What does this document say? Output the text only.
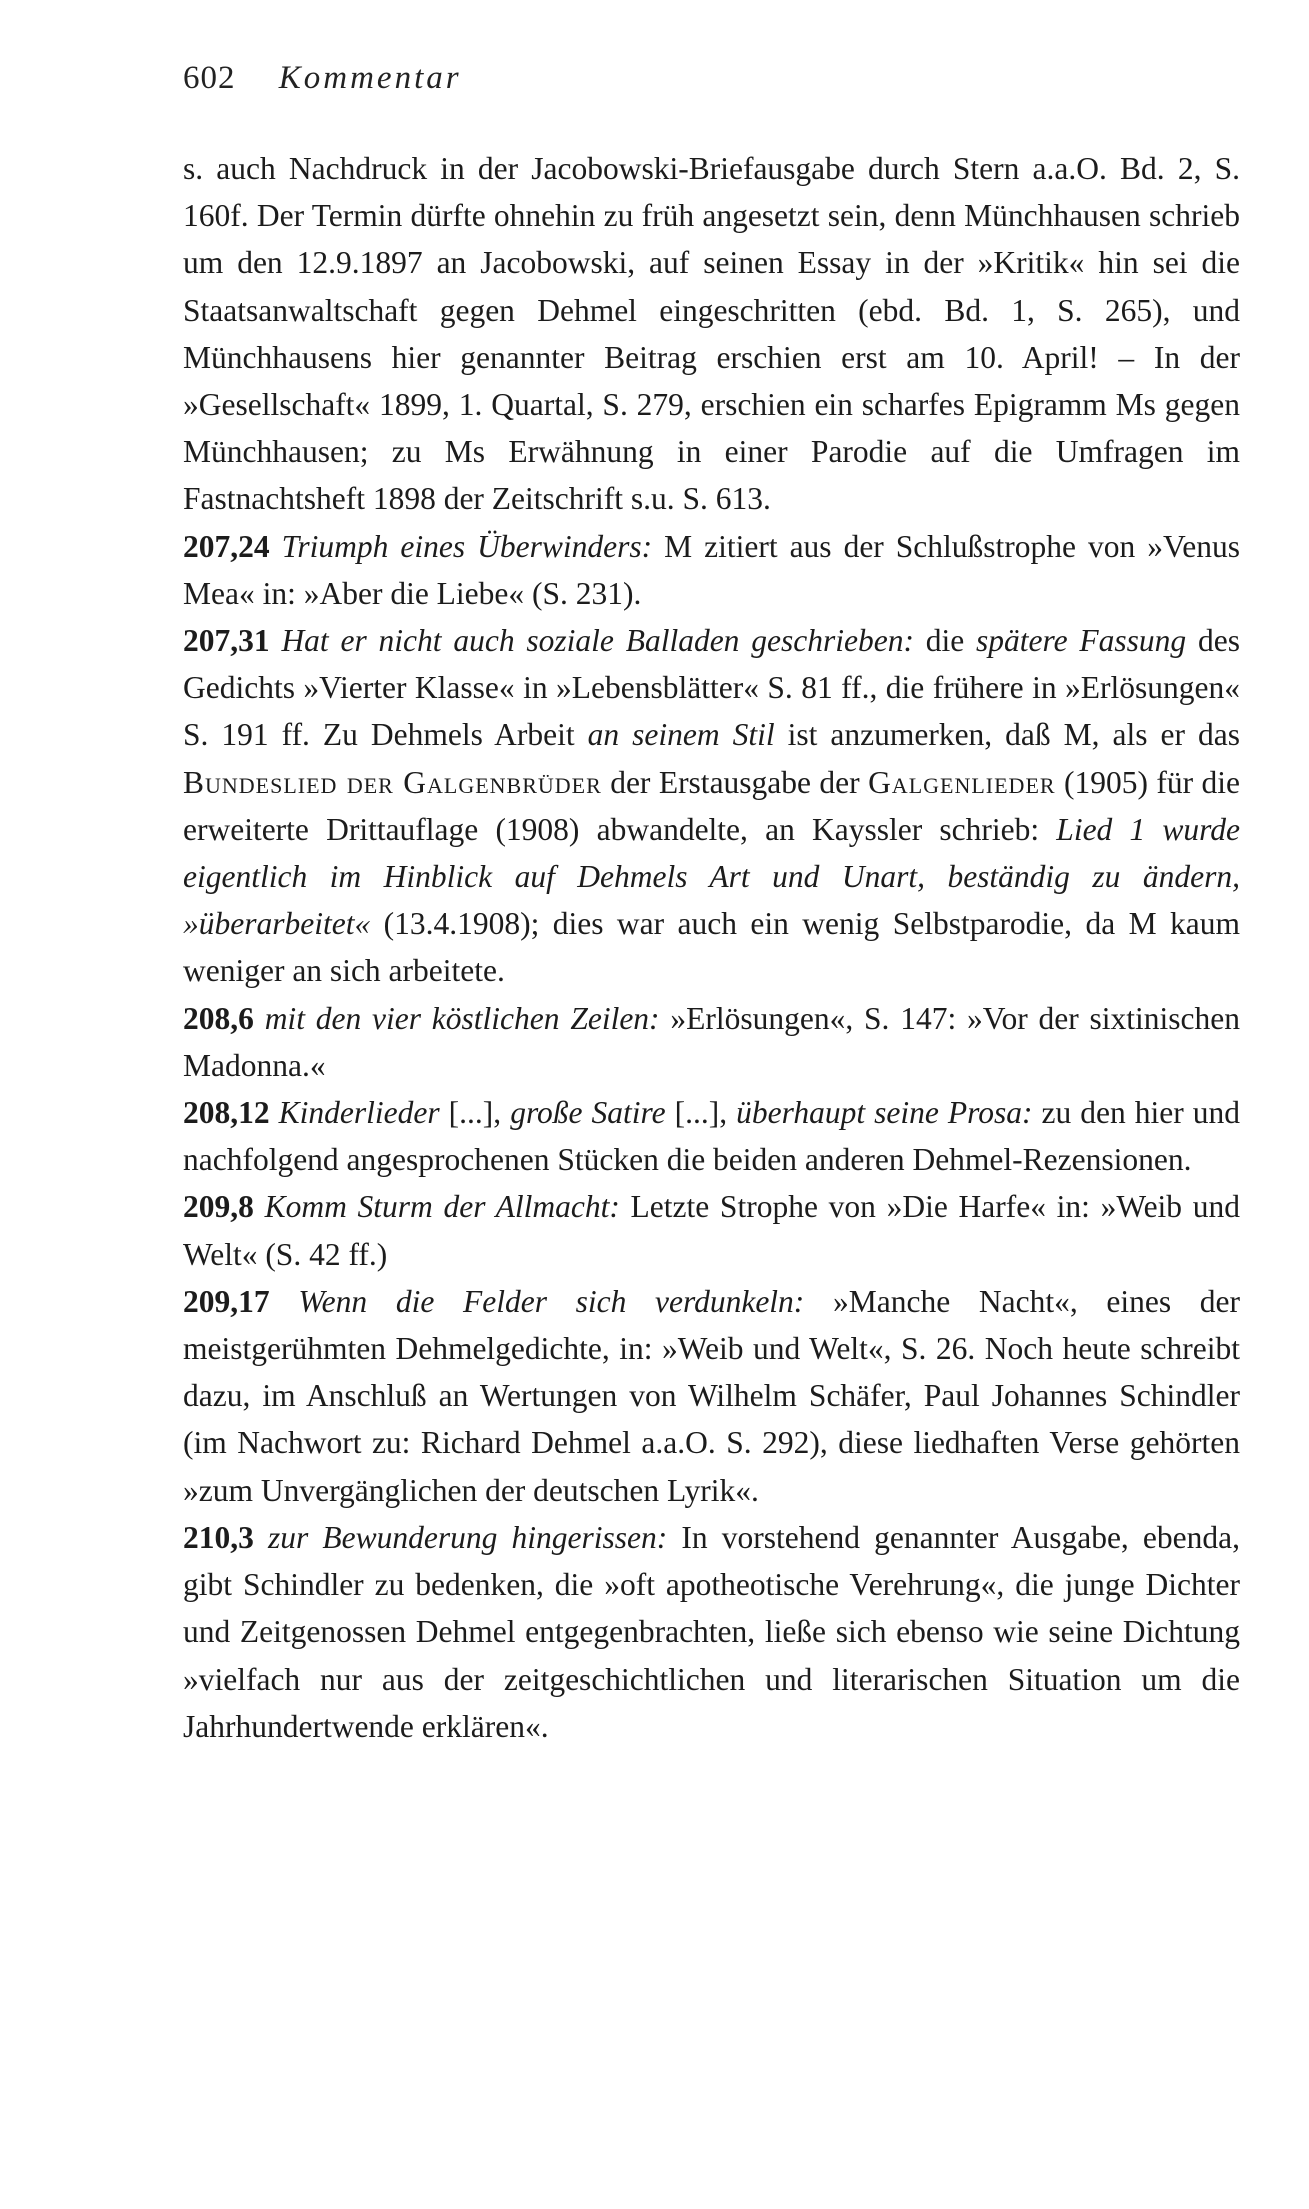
602 Kommentar

s. auch Nachdruck in der Jacobowski-Briefausgabe durch Stern a.a.O. Bd. 2, S. 160f. Der Termin dürfte ohnehin zu früh angesetzt sein, denn Münchhausen schrieb um den 12.9.1897 an Jacobowski, auf seinen Essay in der »Kritik« hin sei die Staatsanwaltschaft gegen Dehmel eingeschritten (ebd. Bd. 1, S. 265), und Münchhausens hier genannter Beitrag erschien erst am 10. April! – In der »Gesellschaft« 1899, 1. Quartal, S. 279, erschien ein scharfes Epigramm Ms gegen Münchhausen; zu Ms Erwähnung in einer Parodie auf die Umfragen im Fastnachtsheft 1898 der Zeitschrift s.u. S. 613.

207,24 Triumph eines Überwinders: M zitiert aus der Schlußstrophe von »Venus Mea« in: »Aber die Liebe« (S. 231).

207,31 Hat er nicht auch soziale Balladen geschrieben: die spätere Fassung des Gedichts »Vierter Klasse« in »Lebensblätter« S. 81 ff., die frühere in »Erlösungen« S. 191 ff. Zu Dehmels Arbeit an seinem Stil ist anzumerken, daß M, als er das Bundeslied der Galgenbrüder der Erstausgabe der Galgenlieder (1905) für die erweiterte Drittauflage (1908) abwandelte, an Kayssler schrieb: Lied 1 wurde eigentlich im Hinblick auf Dehmels Art und Unart, beständig zu ändern, »überarbeitet« (13.4.1908); dies war auch ein wenig Selbstparodie, da M kaum weniger an sich arbeitete.

208,6 mit den vier köstlichen Zeilen: »Erlösungen«, S. 147: »Vor der sixtinischen Madonna.«

208,12 Kinderlieder [...], große Satire [...], überhaupt seine Prosa: zu den hier und nachfolgend angesprochenen Stücken die beiden anderen Dehmel-Rezensionen.

209,8 Komm Sturm der Allmacht: Letzte Strophe von »Die Harfe« in: »Weib und Welt« (S. 42 ff.)

209,17 Wenn die Felder sich verdunkeln: »Manche Nacht«, eines der meistgerühmten Dehmelgedichte, in: »Weib und Welt«, S. 26. Noch heute schreibt dazu, im Anschluß an Wertungen von Wilhelm Schäfer, Paul Johannes Schindler (im Nachwort zu: Richard Dehmel a.a.O. S. 292), diese liedhaften Verse gehörten »zum Unvergänglichen der deutschen Lyrik«.

210,3 zur Bewunderung hingerissen: In vorstehend genannter Ausgabe, ebenda, gibt Schindler zu bedenken, die »oft apotheotische Verehrung«, die junge Dichter und Zeitgenossen Dehmel entgegenbrachten, ließe sich ebenso wie seine Dichtung »vielfach nur aus der zeitgeschichtlichen und literarischen Situation um die Jahrhundertwende erklären«.
